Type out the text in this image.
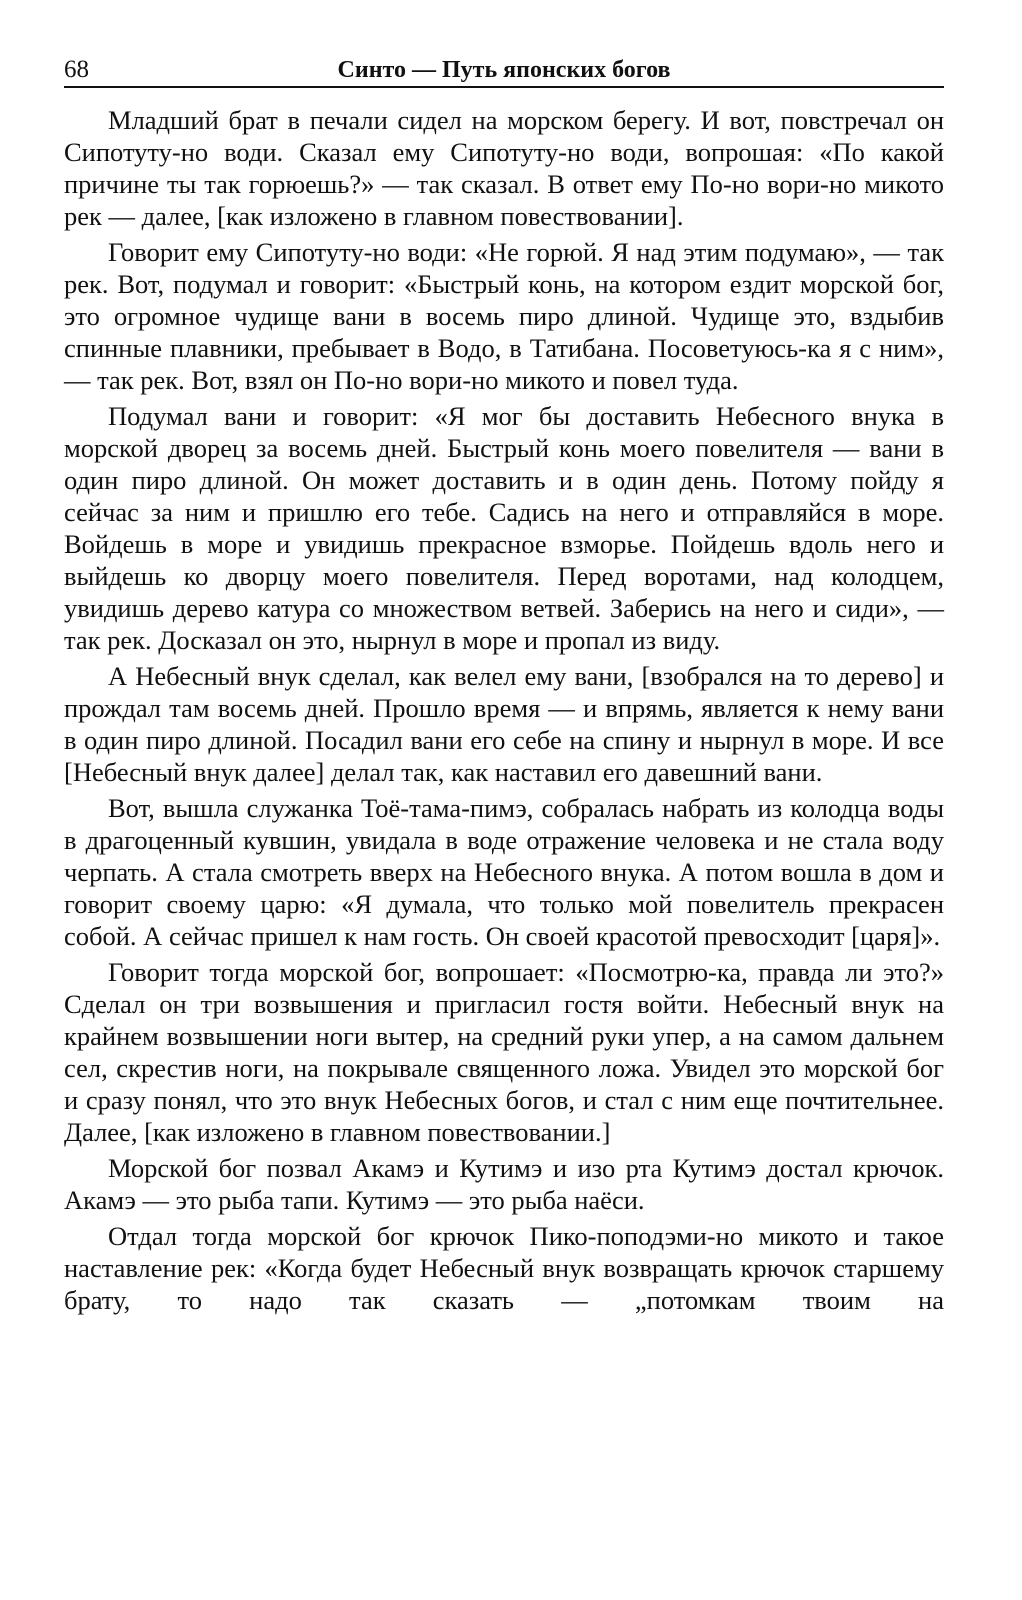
68	Синто — Путь японских богов

Младший брат в печали сидел на морском берегу. И вот, повстречал он Сипотуту-но води. Сказал ему Сипотуту-но води, вопрошая: «По какой причине ты так горюешь?» — так сказал. В ответ ему По-но вори-но микото рек — далее, [как изложено в главном повествовании].

Говорит ему Сипотуту-но води: «Не горюй. Я над этим подумаю», — так рек. Вот, подумал и говорит: «Быстрый конь, на котором ездит морской бог, это огромное чудище вани в восемь пиро длиной. Чудище это, вздыбив спинные плавники, пребывает в Водо, в Татибана. Посоветуюсь-ка я с ним», — так рек. Вот, взял он По-но вори-но микото и повел туда.

Подумал вани и говорит: «Я мог бы доставить Небесного внука в морской дворец за восемь дней. Быстрый конь моего повелителя — вани в один пиро длиной. Он может доставить и в один день. Потому пойду я сейчас за ним и пришлю его тебе. Садись на него и отправляйся в море. Войдешь в море и увидишь прекрасное взморье. Пойдешь вдоль него и выйдешь ко дворцу моего повелителя. Перед воротами, над колодцем, увидишь дерево катура со множеством ветвей. Заберись на него и сиди», — так рек. Досказал он это, нырнул в море и пропал из виду.

А Небесный внук сделал, как велел ему вани, [взобрался на то дерево] и прождал там восемь дней. Прошло время — и впрямь, является к нему вани в один пиро длиной. Посадил вани его себе на спину и нырнул в море. И все [Небесный внук далее] делал так, как наставил его давешний вани.

Вот, вышла служанка Тоё-тама-пимэ, собралась набрать из колодца воды в драгоценный кувшин, увидала в воде отражение человека и не стала воду черпать. А стала смотреть вверх на Небесного внука. А потом вошла в дом и говорит своему царю: «Я думала, что только мой повелитель прекрасен собой. А сейчас пришел к нам гость. Он своей красотой превосходит [царя]».

Говорит тогда морской бог, вопрошает: «Посмотрю-ка, правда ли это?» Сделал он три возвышения и пригласил гостя войти. Небесный внук на крайнем возвышении ноги вытер, на средний руки упер, а на самом дальнем сел, скрестив ноги, на покрывале священного ложа. Увидел это морской бог и сразу понял, что это внук Небесных богов, и стал с ним еще почтительнее. Далее, [как изложено в главном повествовании.]

Морской бог позвал Акамэ и Кутимэ и изо рта Кутимэ достал крючок. Акамэ — это рыба тапи. Кутимэ — это рыба наёси.

Отдал тогда морской бог крючок Пико-поподэми-но микото и такое наставление рек: «Когда будет Небесный внук возвращать крючок старшему брату, то надо так сказать — „потомкам твоим на
